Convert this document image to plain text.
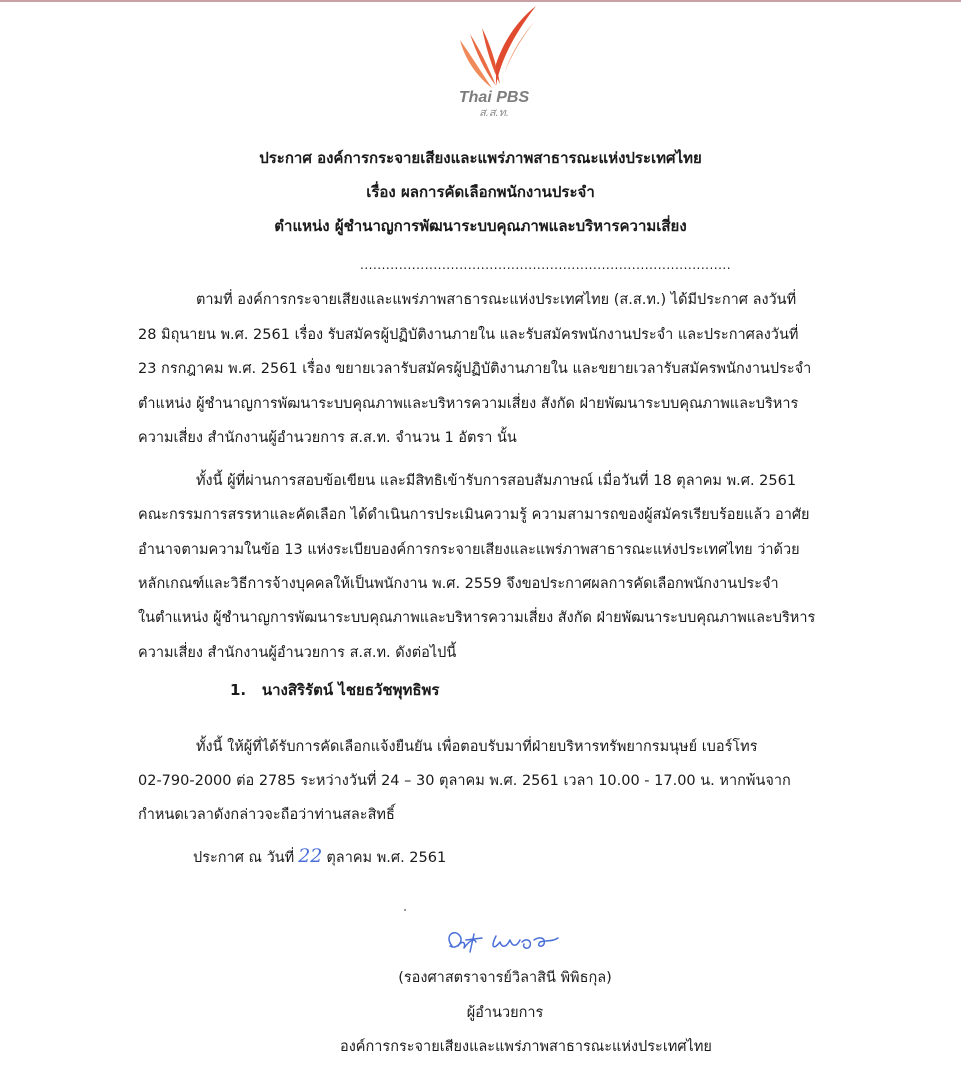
Thai PBS
ส.ส.ท.
ประกาศ องค์การกระจายเสียงและแพร่ภาพสาธารณะแห่งประเทศไทย
เรื่อง ผลการคัดเลือกพนักงานประจำ
ตำแหน่ง ผู้ชำนาญการพัฒนาระบบคุณภาพและบริหารความเสี่ยง
......................................................................................
ตามที่ องค์การกระจายเสียงและแพร่ภาพสาธารณะแห่งประเทศไทย (ส.ส.ท.) ได้มีประกาศ ลงวันที่
28 มิถุนายน พ.ศ. 2561 เรื่อง รับสมัครผู้ปฏิบัติงานภายใน และรับสมัครพนักงานประจำ และประกาศลงวันที่
23 กรกฎาคม พ.ศ. 2561 เรื่อง ขยายเวลารับสมัครผู้ปฏิบัติงานภายใน และขยายเวลารับสมัครพนักงานประจำ
ตำแหน่ง ผู้ชำนาญการพัฒนาระบบคุณภาพและบริหารความเสี่ยง สังกัด ฝ่ายพัฒนาระบบคุณภาพและบริหาร
ความเสี่ยง สำนักงานผู้อำนวยการ ส.ส.ท. จำนวน 1 อัตรา นั้น
ทั้งนี้ ผู้ที่ผ่านการสอบข้อเขียน และมีสิทธิเข้ารับการสอบสัมภาษณ์ เมื่อวันที่ 18 ตุลาคม พ.ศ. 2561
คณะกรรมการสรรหาและคัดเลือก ได้ดำเนินการประเมินความรู้ ความสามารถของผู้สมัครเรียบร้อยแล้ว อาศัย
อำนาจตามความในข้อ 13 แห่งระเบียบองค์การกระจายเสียงและแพร่ภาพสาธารณะแห่งประเทศไทย ว่าด้วย
หลักเกณฑ์และวิธีการจ้างบุคคลให้เป็นพนักงาน พ.ศ. 2559 จึงขอประกาศผลการคัดเลือกพนักงานประจำ
ในตำแหน่ง ผู้ชำนาญการพัฒนาระบบคุณภาพและบริหารความเสี่ยง สังกัด ฝ่ายพัฒนาระบบคุณภาพและบริหาร
ความเสี่ยง สำนักงานผู้อำนวยการ ส.ส.ท. ดังต่อไปนี้
1. นางสิริรัตน์ ไชยธวัชพุทธิพร
ทั้งนี้ ให้ผู้ที่ได้รับการคัดเลือกแจ้งยืนยัน เพื่อตอบรับมาที่ฝ่ายบริหารทรัพยากรมนุษย์ เบอร์โทร
02-790-2000 ต่อ 2785 ระหว่างวันที่ 24 – 30 ตุลาคม พ.ศ. 2561 เวลา 10.00 - 17.00 น. หากพ้นจาก
กำหนดเวลาดังกล่าวจะถือว่าท่านสละสิทธิ์
ประกาศ ณ วันที่ 22 ตุลาคม พ.ศ. 2561
(รองศาสตราจารย์วิลาสินี พิพิธกุล)
ผู้อำนวยการ
องค์การกระจายเสียงและแพร่ภาพสาธารณะแห่งประเทศไทย
